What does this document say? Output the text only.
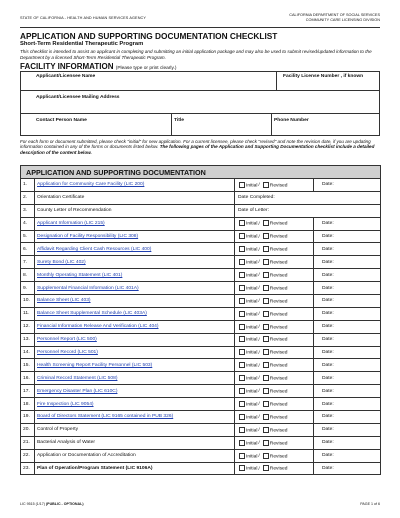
STATE OF CALIFORNIA - HEALTH AND HUMAN SERVICES AGENCY
CALIFORNIA DEPARTMENT OF SOCIAL SERVICES
COMMUNITY CARE LICENSING DIVISION
APPLICATION AND SUPPORTING DOCUMENTATION CHECKLIST
Short-Term Residential Therapeutic Program
This checklist is intended to assist an applicant in completing and submitting an initial application package and may also be used to submit revised/updated information to the Department by a licensed Short-Term Residential Therapeutic Program.
FACILITY INFORMATION (Please type or print clearly.)
Applicant/Licensee Name	Facility License Number , if known
Applicant/Licensee Mailing Address
Contact Person Name	Title	Phone Number
For each form or document submitted, please check "initial" for new application. For a current licensee, please check "revised" and note the revision date, if you are updating information contained in any of the forms or documents listed below. The following pages of the Application and Supporting Documentation checklist include a detailed description of the content below.
APPLICATION AND SUPPORTING DOCUMENTATION			
1.	Application for Community Care Facility (LIC 200)	Initial/ Revised	Date:
2.	Orientation Certificate	Date Completed:	
3.	County Letter of Recommendation	Date of Letter:	
4.	Applicant Information (LIC 215)	Initial/ Revised	Date:
5.	Designation of Facility Responsibility (LIC 308)	Initial/ Revised	Date:
6.	Affidavit Regarding Client Cash Resources (LIC 400)	Initial/ Revised	Date:
7.	Surety Bond (LIC 402)	Initial/ Revised	Date:
8.	Monthly Operating Statement (LIC 401)	Initial/ Revised	Date:
9.	Supplemental Financial Information (LIC 401A)	Initial/ Revised	Date:
10.	Balance Sheet (LIC 403)	Initial/ Revised	Date:
11.	Balance Sheet Supplemental Schedule (LIC 403A)	Initial/ Revised	Date:
12.	Financial Information Release And Verification (LIC 404)	Initial/ Revised	Date:
13.	Personnel Report (LIC 500)	Initial/ Revised	Date:
14.	Personnel Record (LIC 501)	Initial/ Revised	Date:
15.	Health Screening Report Facility Personnel (LIC 503)	Initial/ Revised	Date:
16.	Criminal Record Statement (LIC 508)	Initial/ Revised	Date:
17.	Emergency Disaster Plan (LIC 610C)	Initial/ Revised	Date:
18.	Fire Inspection (LIC 9054)	Initial/ Revised	Date:
19.	Board of Directors Statement (LIC 9165 contained in PUB 326)	Initial/ Revised	Date:
20.	Control of Property	Initial/ Revised	Date:
21.	Bacterial Analysis of Water	Initial/ Revised	Date:
22.	Application or Documentation of Accreditation	Initial/ Revised	Date:
23.	Plan of Operation/Program Statement (LIC 9106A)	Initial/ Revised	Date:
LIC 9515 (1/17) (PUBLIC - OPTIONAL)	PAGE 1 of 6
